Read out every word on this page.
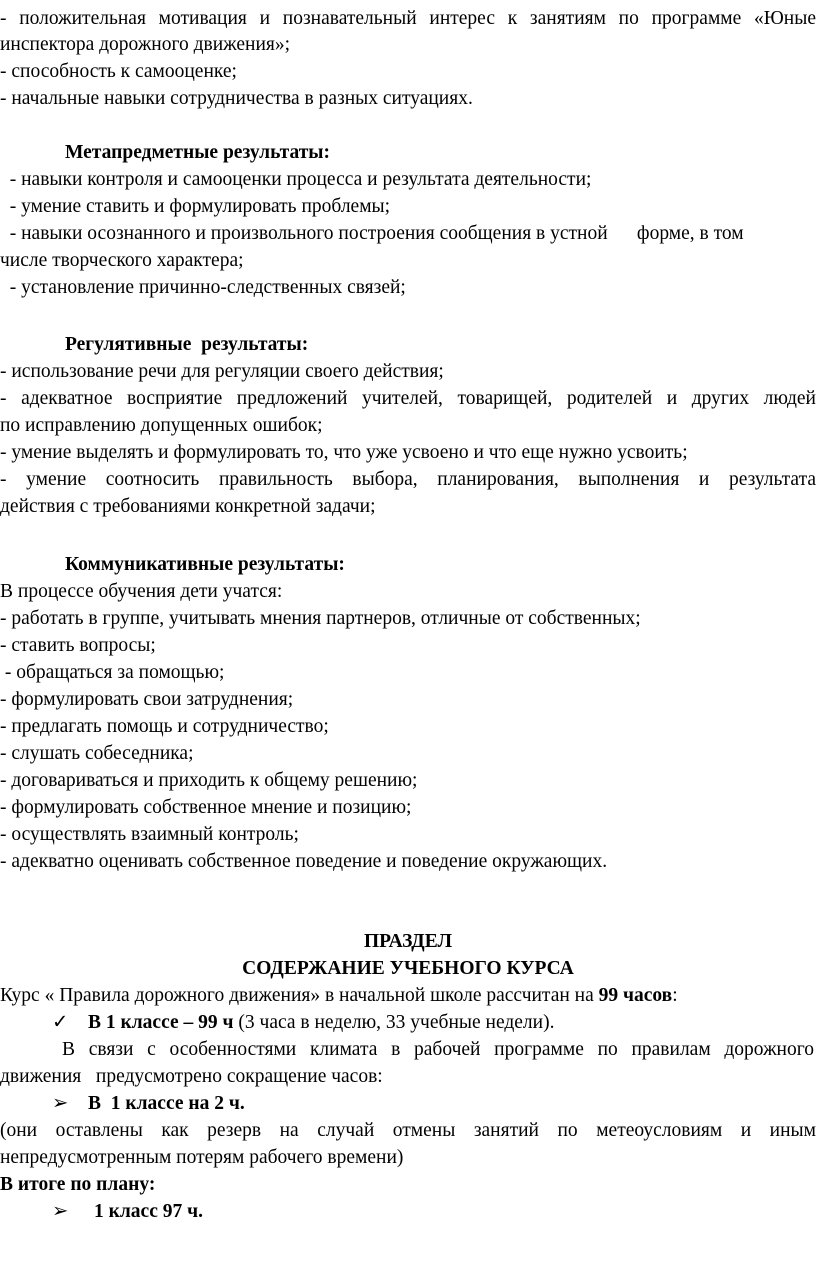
- положительная мотивация и познавательный интерес к занятиям по программе «Юные
инспектора дорожного движения»;
- способность к самооценке;
- начальные навыки сотрудничества в разных ситуациях.
Метапредметные результаты:
- навыки контроля и самооценки процесса и результата деятельности;
- умение ставить и формулировать проблемы;
- навыки осознанного и произвольного построения сообщения в устной      форме, в том
числе творческого характера;
- установление причинно-следственных связей;
Регулятивные  результаты:
- использование речи для регуляции своего действия;
- адекватное восприятие предложений учителей, товарищей, родителей и других людей
по исправлению допущенных ошибок;
- умение выделять и формулировать то, что уже усвоено и что еще нужно усвоить;
- умение соотносить правильность выбора, планирования, выполнения и результата
действия с требованиями конкретной задачи;
Коммуникативные результаты:
В процессе обучения дети учатся:
- работать в группе, учитывать мнения партнеров, отличные от собственных;
- ставить вопросы;
- обращаться за помощью;
- формулировать свои затруднения;
- предлагать помощь и сотрудничество;
- слушать собеседника;
- договариваться и приходить к общему решению;
- формулировать собственное мнение и позицию;
- осуществлять взаимный контроль;
- адекватно оценивать собственное поведение и поведение окружающих.
ПРАЗДЕЛ
СОДЕРЖАНИЕ УЧЕБНОГО КУРСА
Курс « Правила дорожного движения» в начальной школе рассчитан на 99 часов:
✓ В 1 классе – 99 ч (3 часа в неделю, 33 учебные недели).
В связи с особенностями климата в рабочей программе по правилам дорожного
движения   предусмотрено сокращение часов:
➢ В  1 классе на 2 ч.
(они оставлены как резерв на случай отмены занятий по метеоусловиям и иным
непредусмотренным потерям рабочего времени)
В итоге по плану:
➢ 1 класс 97 ч.
